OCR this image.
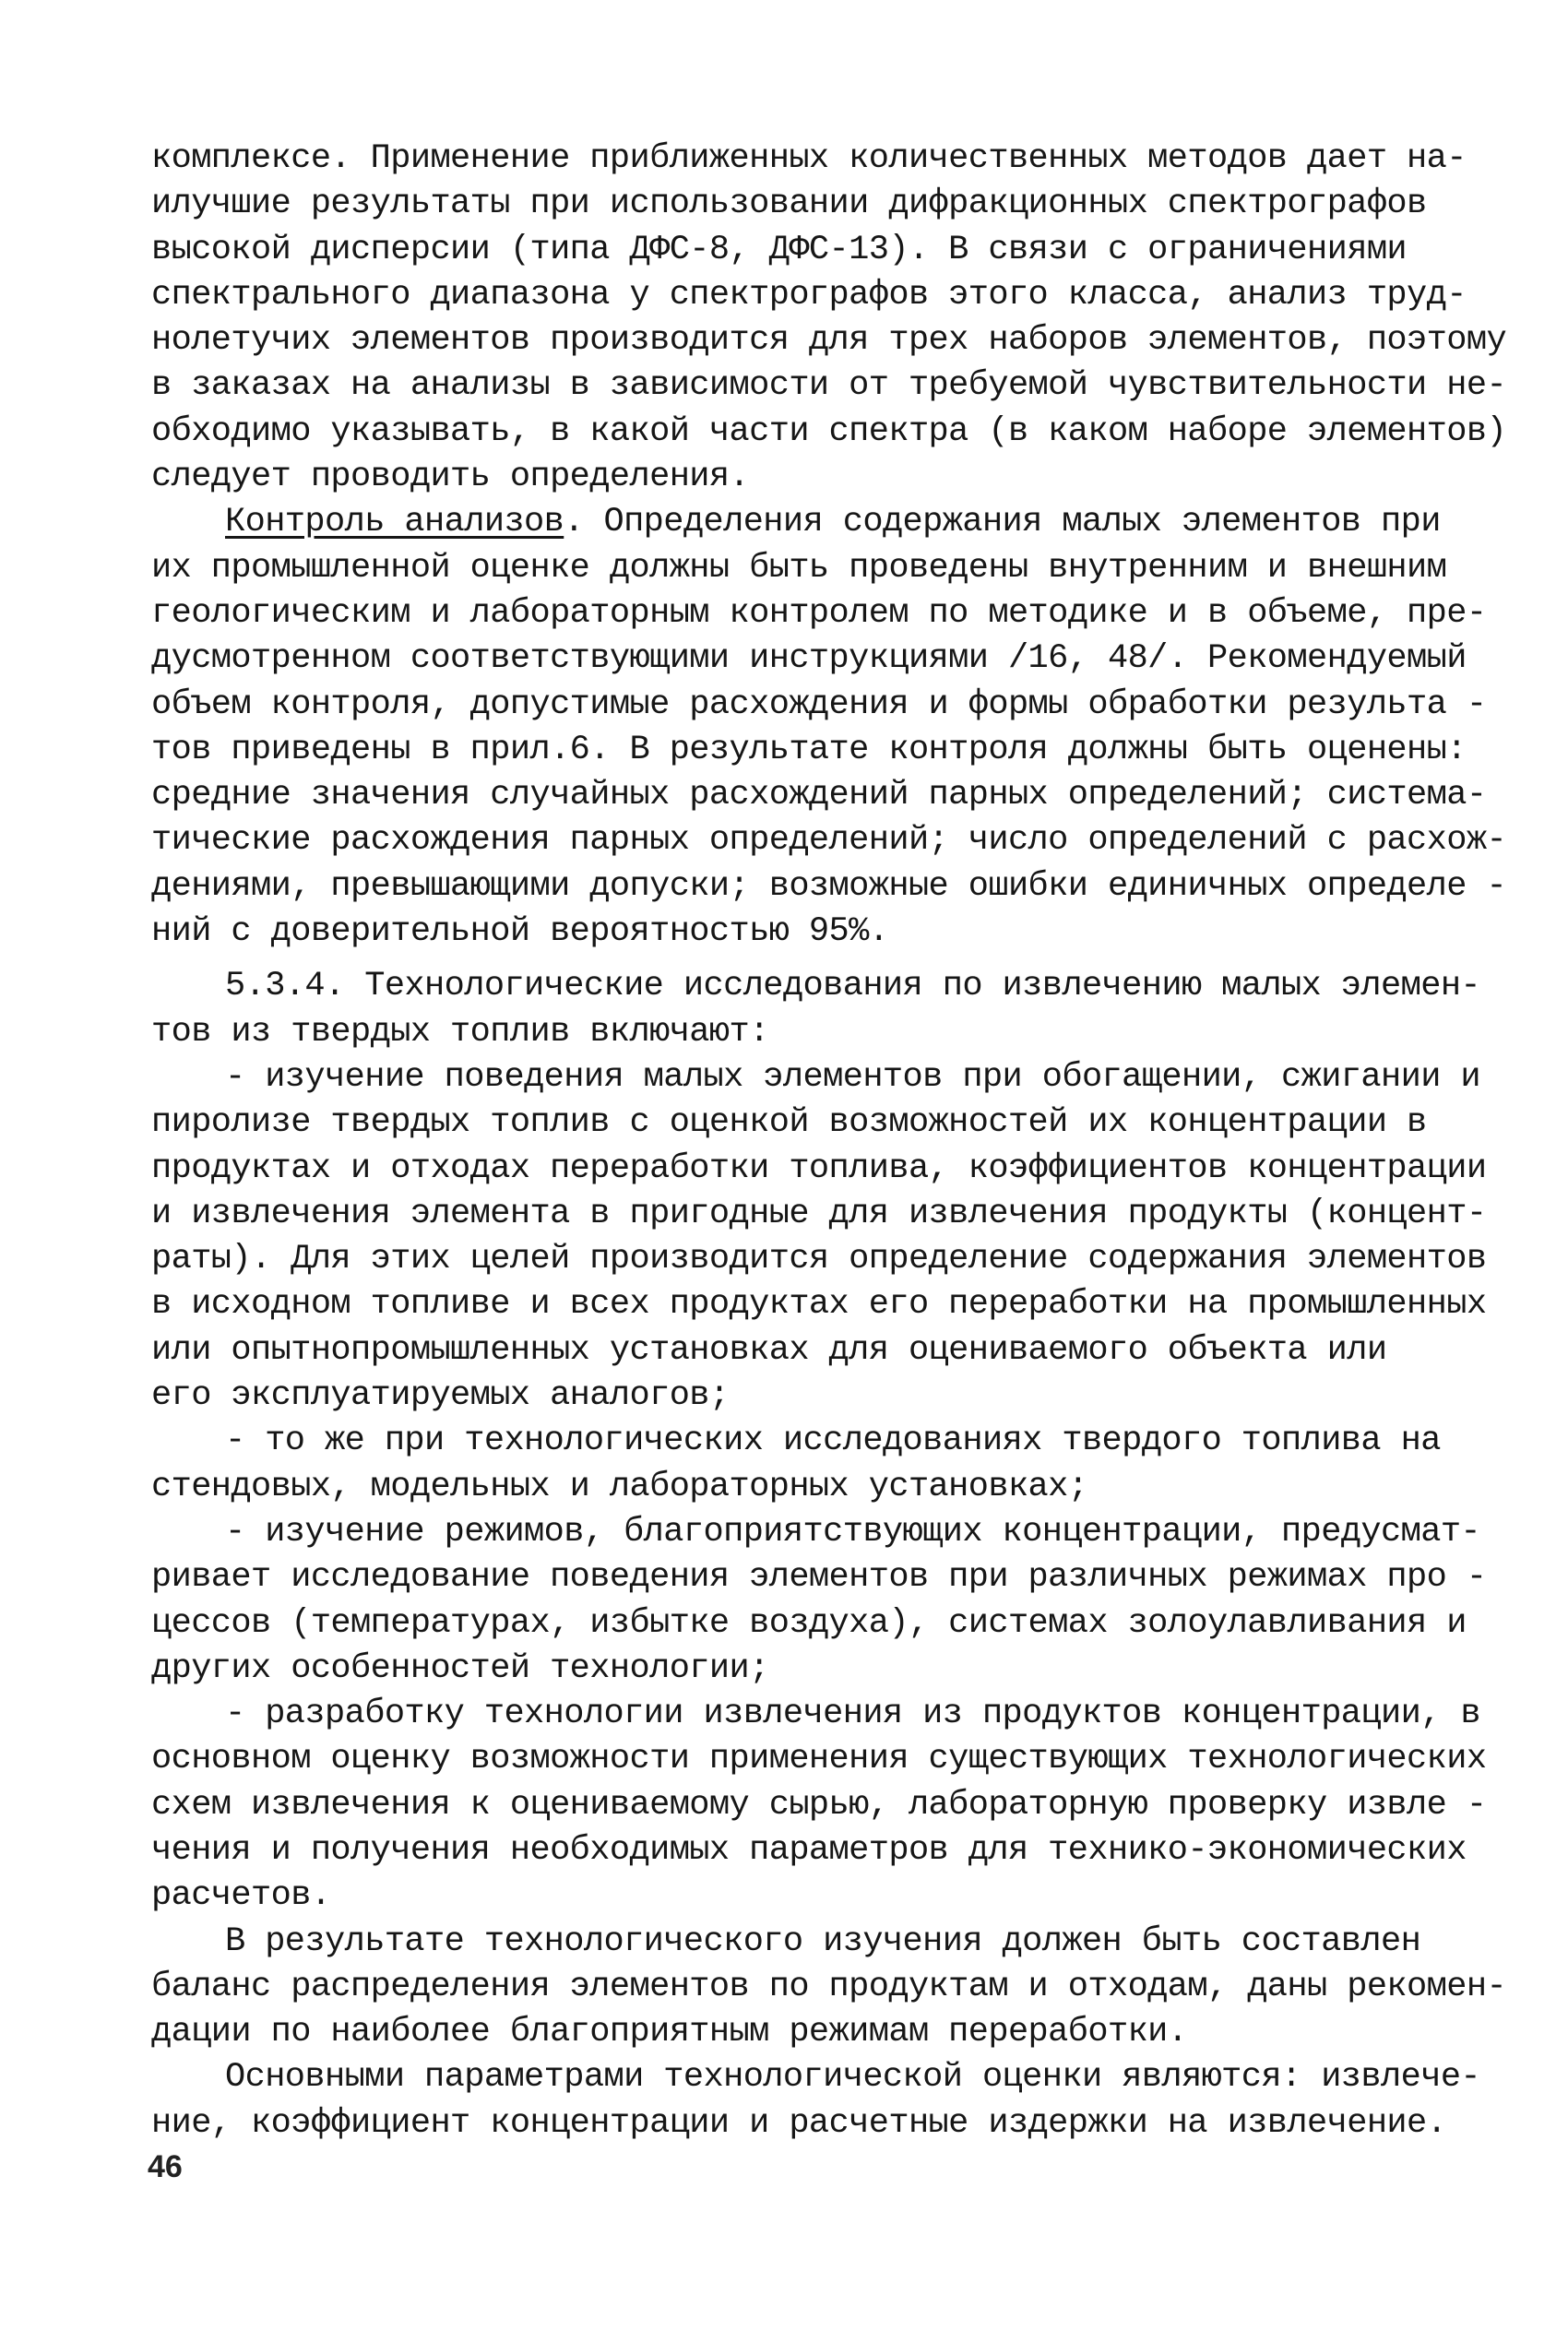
комплексе. Применение приближенных количественных методов дает на-
илучшие результаты при использовании дифракционных спектрографов
высокой дисперсии (типа ДФС-8, ДФС-13). В связи с ограничениями
спектрального диапазона у спектрографов этого класса, анализ труд-
нолетучих элементов производится для трех наборов элементов, поэтому
в заказах на анализы в зависимости от требуемой чувствительности не-
обходимо указывать, в какой части спектра (в каком наборе элементов)
следует проводить определения.
Контроль анализов. Определения содержания малых элементов при
их промышленной оценке должны быть проведены внутренним и внешним
геологическим и лабораторным контролем по методике и в объеме, пре-
дусмотренном соответствующими инструкциями /16, 48/. Рекомендуемый
объем контроля, допустимые расхождения и формы обработки результа -
тов приведены в прил.6. В результате контроля должны быть оценены:
средние значения случайных расхождений парных определений; система-
тические расхождения парных определений; число определений с расхож-
дениями, превышающими допуски; возможные ошибки единичных определе -
ний с доверительной вероятностью 95%.
5.3.4. Технологические исследования по извлечению малых элемен-
тов из твердых топлив включают:
- изучение поведения малых элементов при обогащении, сжигании и
пиролизе твердых топлив с оценкой возможностей их концентрации в
продуктах и отходах переработки топлива, коэффициентов концентрации
и извлечения элемента в пригодные для извлечения продукты (концент-
раты). Для этих целей производится определение содержания элементов
в исходном топливе и всех продуктах его переработки на промышленных
или опытнопромышленных установках для оцениваемого объекта или
его эксплуатируемых аналогов;
- то же при технологических исследованиях твердого топлива на
стендовых, модельных и лабораторных установках;
- изучение режимов, благоприятствующих концентрации, предусмат-
ривает исследование поведения элементов при различных режимах про -
цессов (температурах, избытке воздуха), системах золоулавливания и
других особенностей технологии;
- разработку технологии извлечения из продуктов концентрации, в
основном оценку возможности применения существующих технологических
схем извлечения к оцениваемому сырью, лабораторную проверку извле -
чения и получения необходимых параметров для технико-экономических
расчетов.
В результате технологического изучения должен быть составлен
баланс распределения элементов по продуктам и отходам, даны рекомен-
дации по наиболее благоприятным режимам переработки.
Основными параметрами технологической оценки являются: извлече-
ние, коэффициент концентрации и расчетные издержки на извлечение.
46
